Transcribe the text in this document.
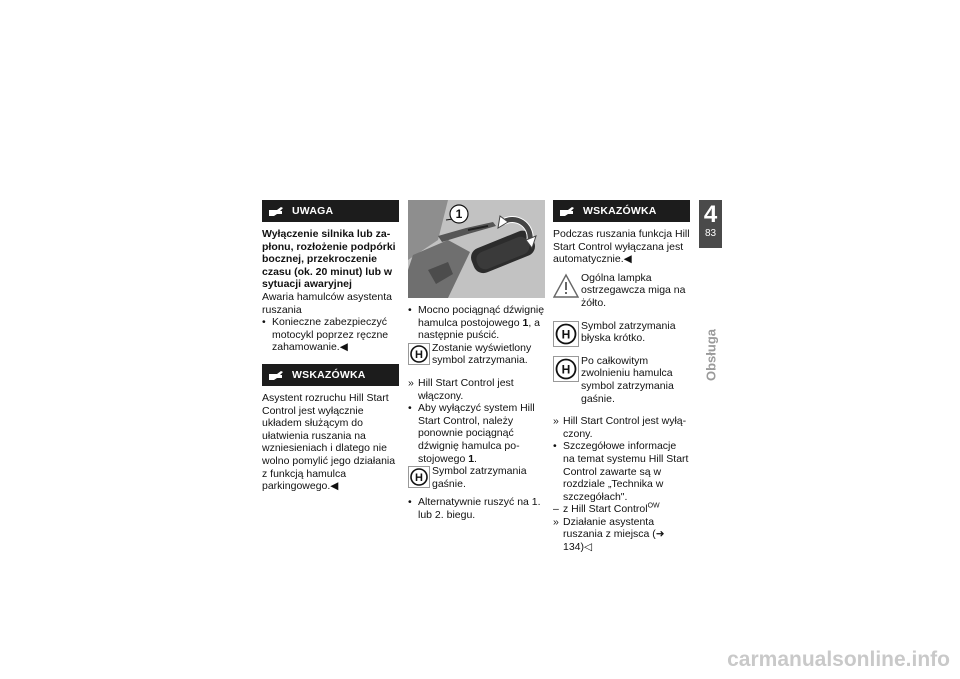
UWAGA

Wyłączenie silnika lub zapłonu, rozłożenie podpórki bocznej, przekroczenie czasu (ok. 20 minut) lub w sytuacji awaryjnej

Awaria hamulców asystenta ruszania

• Konieczne zabezpieczyć motocykl poprzez ręczne zahamowanie.◀

WSKAZÓWKA

Asystent rozruchu Hill Start Control jest wyłącznie układem służącym do ułatwienia ruszania na wzniesieniach i dlatego nie wolno pomylić jego działania z funkcją hamulca parkingowego.◀

1

• Mocno pociągnąć dźwignię hamulca postojowego 1, a następnie puścić.

H

Zostanie wyświetlony symbol zatrzymania.

» Hill Start Control jest włączony.

• Aby wyłączyć system Hill Start Control, należy ponownie pociągnąć dźwignię hamulca postojowego 1.

H

Symbol zatrzymania gaśnie.

• Alternatywnie ruszyć na 1. lub 2. biegu.

WSKAZÓWKA

Podczas ruszania funkcja Hill Start Control wyłączana jest automatycznie.◀

Ogólna lampka ostrzegawcza miga na żółto.

H

Symbol zatrzymania błyska krótko.

H

Po całkowitym zwolnieniu hamulca symbol zatrzymania gaśnie.

» Hill Start Control jest wyłączony.

• Szczegółowe informacje na temat systemu Hill Start Control zawarte są w rozdziale „Technika w szczegółach".

– z Hill Start Control$^{OW}$

» Działanie asystenta ruszania z miejsca (➜ 134)◁

4
83
Obsługa
carmanualsonline.info
